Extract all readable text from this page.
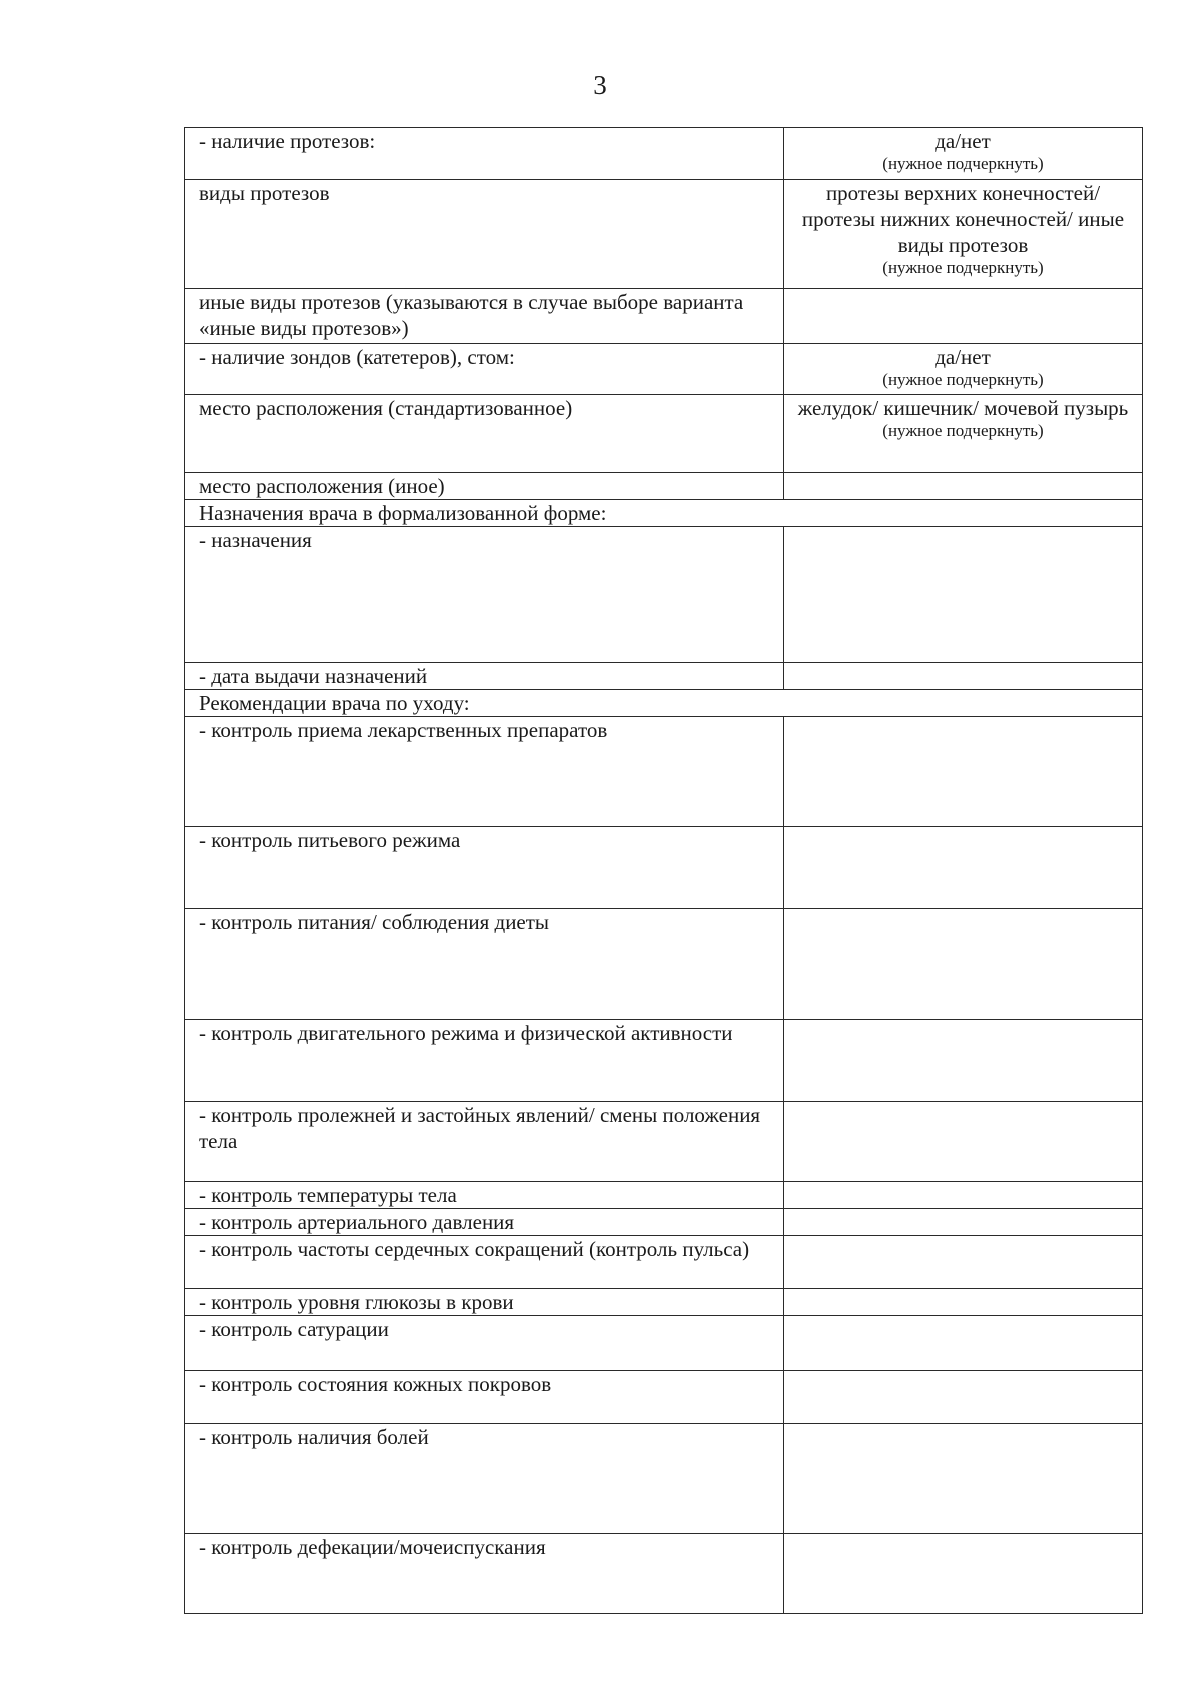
3
- наличие протезов:	да/нет
(нужное подчеркнуть)

виды протезов	протезы верхних конечностей/ протезы нижних конечностей/ иные виды протезов
(нужное подчеркнуть)

иные виды протезов (указываются в случае выборе варианта «иные виды протезов»)	
- наличие зондов (катетеров), стом:	да/нет
(нужное подчеркнуть)

место расположения (стандартизованное)	желудок/ кишечник/ мочевой пузырь
(нужное подчеркнуть)

место расположения (иное)	
Назначения врача в формализованной форме:	
- назначения	
- дата выдачи назначений	
Рекомендации врача по уходу:	
- контроль приема лекарственных препаратов	
- контроль питьевого режима	
- контроль питания/ соблюдения диеты	
- контроль двигательного режима и физической активности	
- контроль пролежней и застойных явлений/ смены положения тела	
- контроль температуры тела	
- контроль артериального давления	
- контроль частоты сердечных сокращений (контроль пульса)	
- контроль уровня глюкозы в крови	
- контроль сатурации	
- контроль состояния кожных покровов	
- контроль наличия болей	
- контроль дефекации/мочеиспускания	
